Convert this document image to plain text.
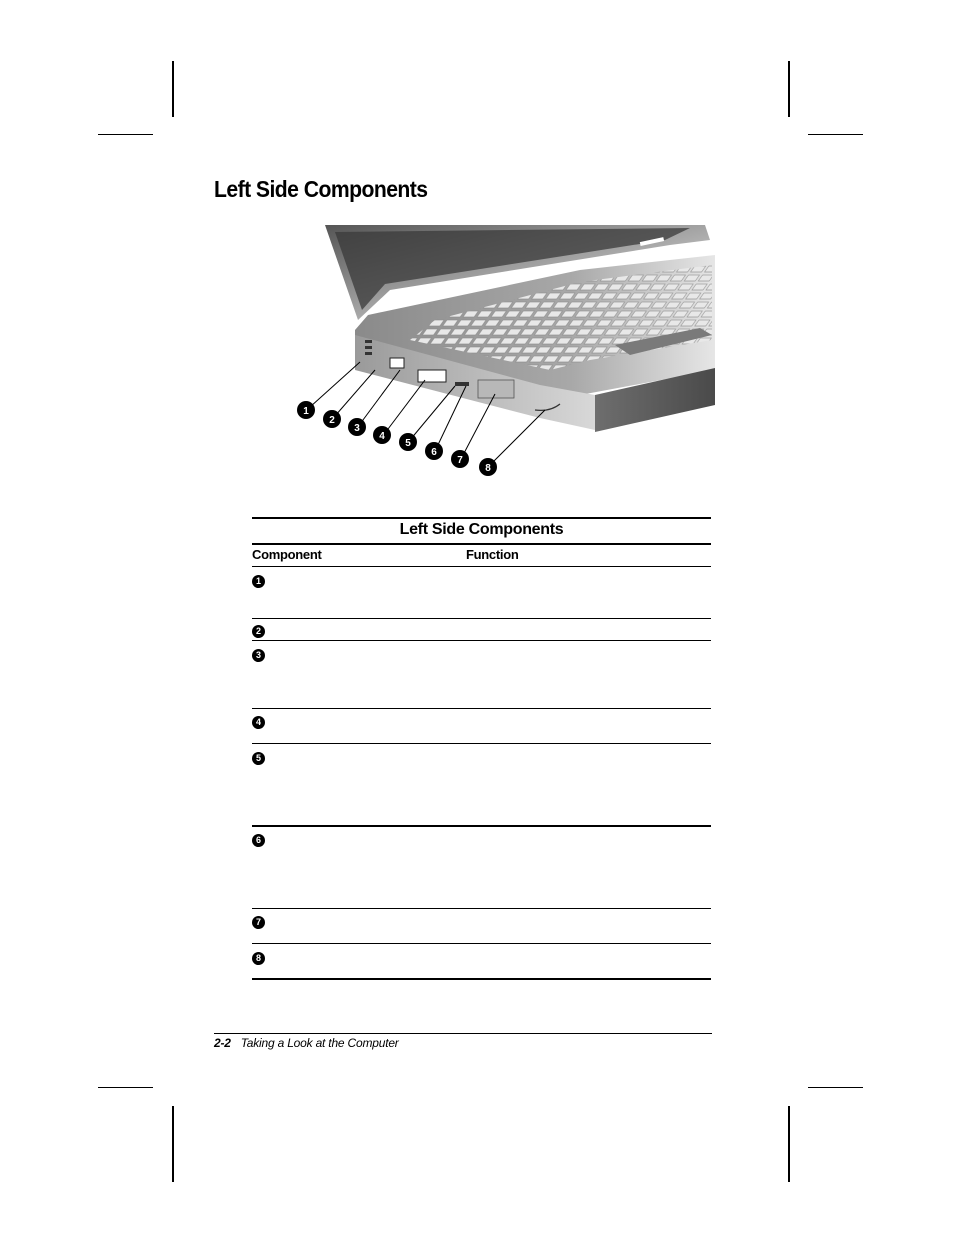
Left Side Components
1
2
3
4
5
6
7
8
Left Side Components
Component	Function
1
2
3
4
5
6
7
8
2-2 Taking a Look at the Computer
